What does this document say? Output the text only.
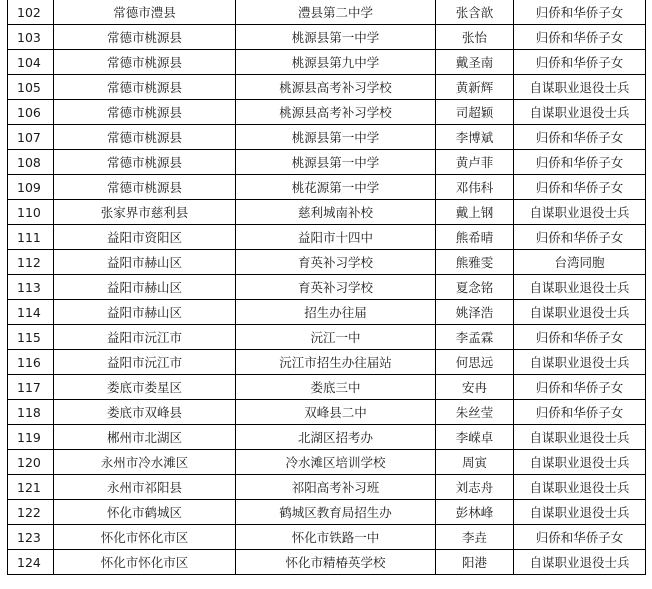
102	常德市澧县	澧县第二中学	张含歆	归侨和华侨子女
103	常德市桃源县	桃源县第一中学	张怡	归侨和华侨子女
104	常德市桃源县	桃源县第九中学	戴圣南	归侨和华侨子女
105	常德市桃源县	桃源县高考补习学校	黄新辉	自谋职业退役士兵
106	常德市桃源县	桃源县高考补习学校	司超颖	自谋职业退役士兵
107	常德市桃源县	桃源县第一中学	李博斌	归侨和华侨子女
108	常德市桃源县	桃源县第一中学	黄卢菲	归侨和华侨子女
109	常德市桃源县	桃花源第一中学	邓伟科	归侨和华侨子女
110	张家界市慈利县	慈利城南补校	戴上钢	自谋职业退役士兵
111	益阳市资阳区	益阳市十四中	熊希晴	归侨和华侨子女
112	益阳市赫山区	育英补习学校	熊雅雯	台湾同胞
113	益阳市赫山区	育英补习学校	夏念铭	自谋职业退役士兵
114	益阳市赫山区	招生办往届	姚泽浩	自谋职业退役士兵
115	益阳市沅江市	沅江一中	李孟霖	归侨和华侨子女
116	益阳市沅江市	沅江市招生办往届站	何思远	自谋职业退役士兵
117	娄底市娄星区	娄底三中	安冉	归侨和华侨子女
118	娄底市双峰县	双峰县二中	朱丝莹	归侨和华侨子女
119	郴州市北湖区	北湖区招考办	李嵘卓	自谋职业退役士兵
120	永州市冷水滩区	冷水滩区培训学校	周寅	自谋职业退役士兵
121	永州市祁阳县	祁阳高考补习班	刘志舟	自谋职业退役士兵
122	怀化市鹤城区	鹤城区教育局招生办	彭林峰	自谋职业退役士兵
123	怀化市怀化市区	怀化市铁路一中	李垚	归侨和华侨子女
124	怀化市怀化市区	怀化市精椿英学校	阳港	自谋职业退役士兵
